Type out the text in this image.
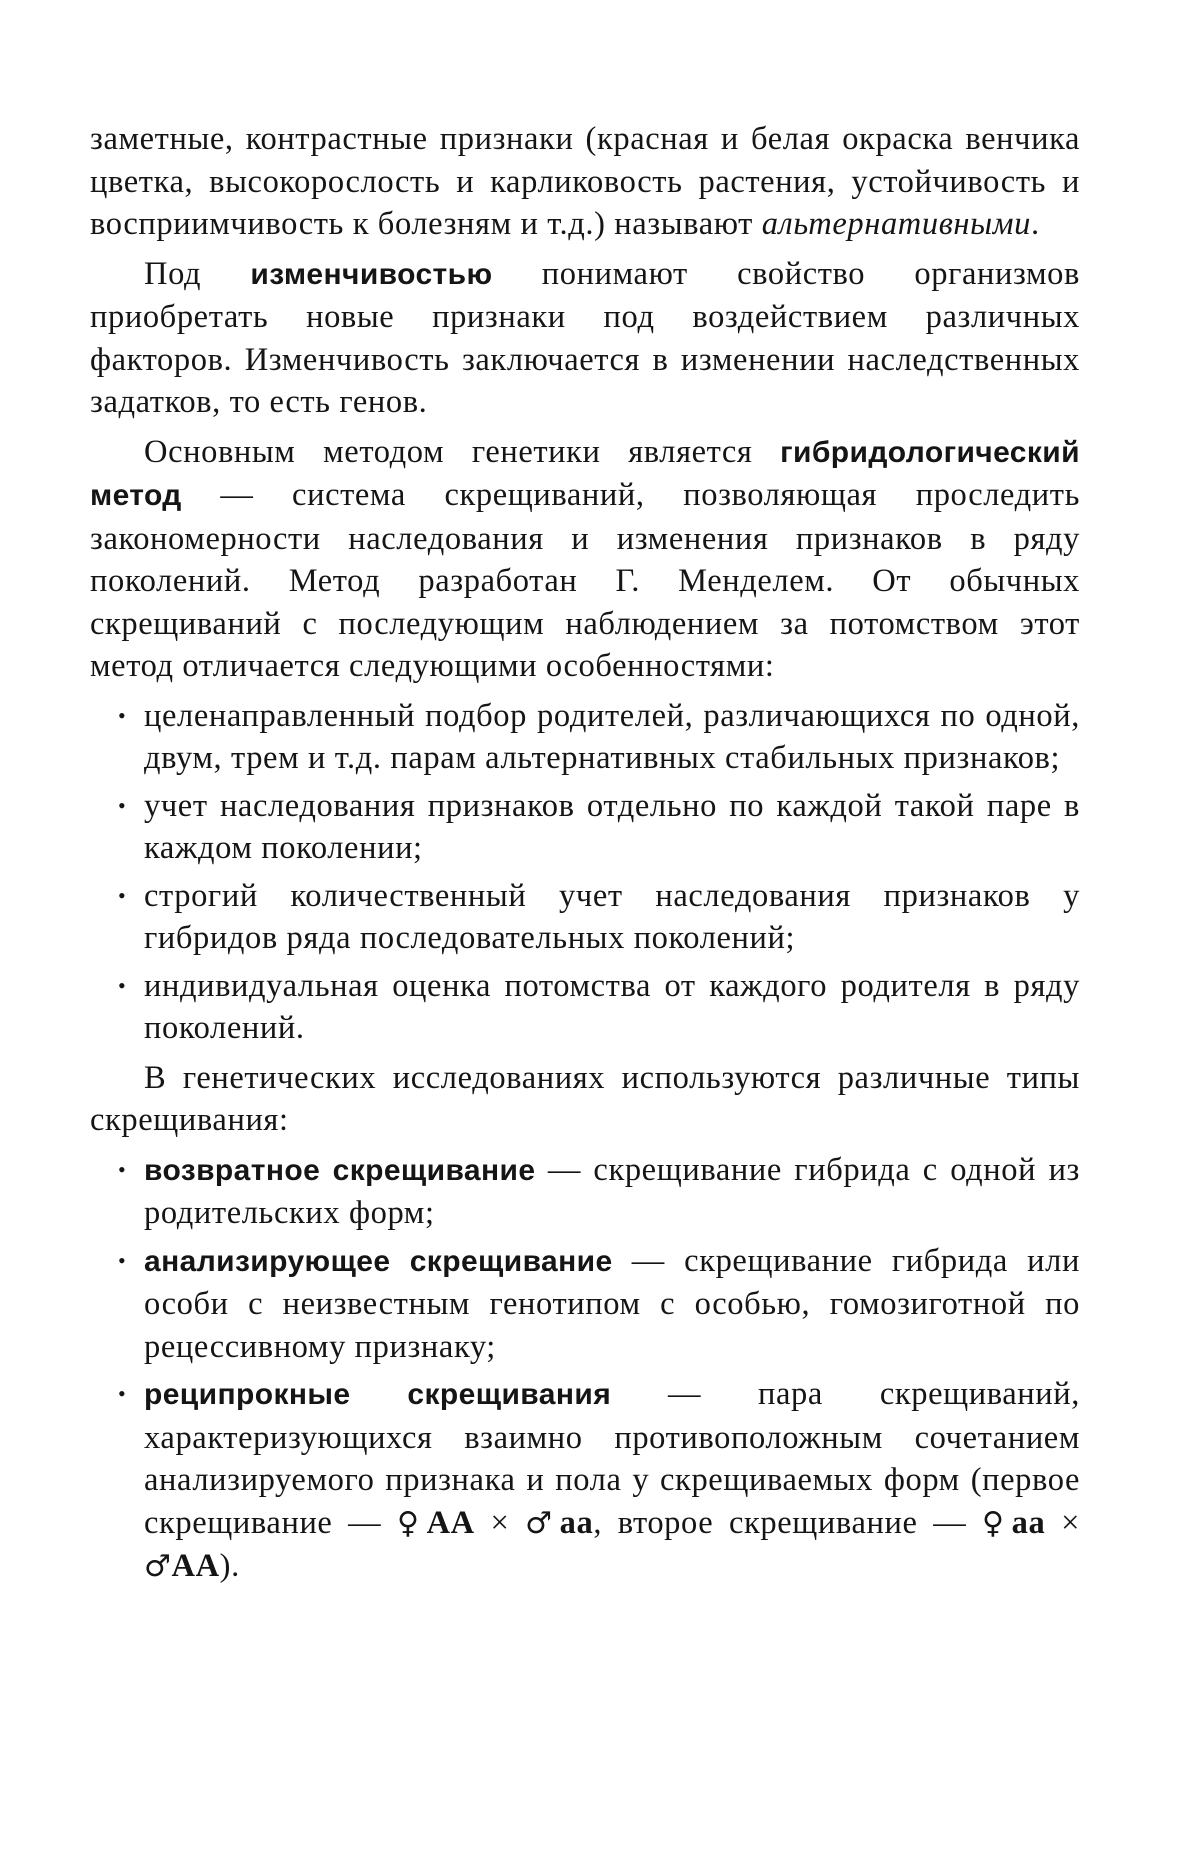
заметные, контрастные признаки (красная и белая окраска венчика цветка, высокорослость и карликовость растения, устойчивость и восприимчивость к болезням и т.д.) называют альтернативными.

Под изменчивостью понимают свойство организмов приобретать новые признаки под воздействием различных факторов. Изменчивость заключается в изменении наследственных задатков, то есть генов.

Основным методом генетики является гибридологический метод — система скрещиваний, позволяющая проследить закономерности наследования и изменения признаков в ряду поколений. Метод разработан Г. Менделем. От обычных скрещиваний с последующим наблюдением за потомством этот метод отличается следующими особенностями:

• целенаправленный подбор родителей, различающихся по одной, двум, трем и т.д. парам альтернативных стабильных признаков;
• учет наследования признаков отдельно по каждой такой паре в каждом поколении;
• строгий количественный учет наследования признаков у гибридов ряда последовательных поколений;
• индивидуальная оценка потомства от каждого родителя в ряду поколений.

В генетических исследованиях используются различные типы скрещивания:

• возвратное скрещивание — скрещивание гибрида с одной из родительских форм;
• анализирующее скрещивание — скрещивание гибрида или особи с неизвестным генотипом с особью, гомозиготной по рецессивному признаку;
• реципрокные скрещивания — пара скрещиваний, характеризующихся взаимно противоположным сочетанием анализируемого признака и пола у скрещиваемых форм (первое скрещивание — ♀AA × ♂aa, второе скрещивание — ♀aa × ♂AA).
